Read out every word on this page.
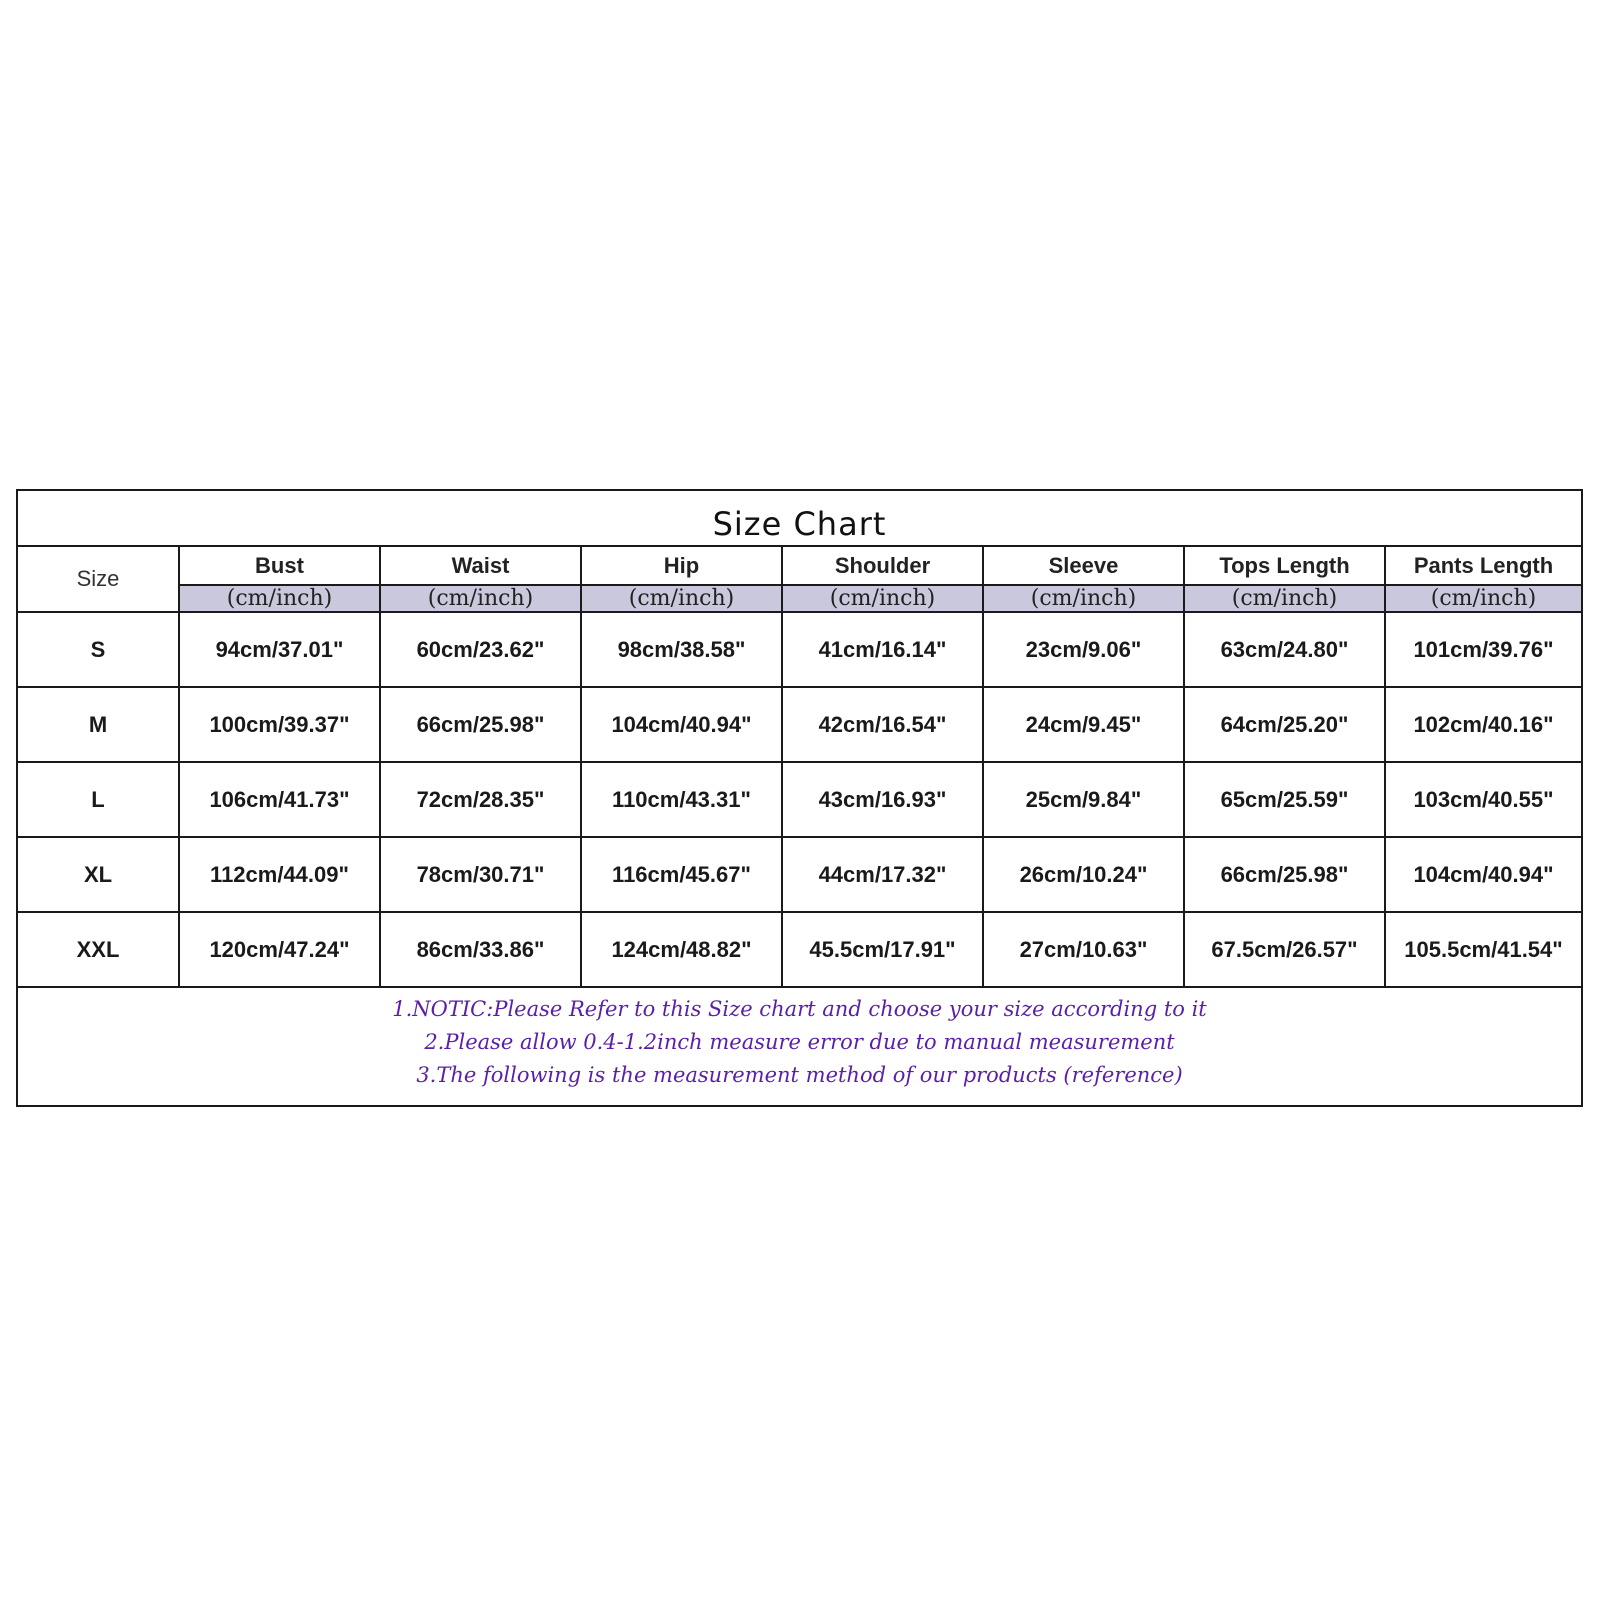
Size Chart
Size	Bust	Waist	Hip	Shoulder	Sleeve	Tops Length	Pants Length
	(cm/inch)	(cm/inch)	(cm/inch)	(cm/inch)	(cm/inch)	(cm/inch)	(cm/inch)
S	94cm/37.01"	60cm/23.62"	98cm/38.58"	41cm/16.14"	23cm/9.06"	63cm/24.80"	101cm/39.76"
M	100cm/39.37"	66cm/25.98"	104cm/40.94"	42cm/16.54"	24cm/9.45"	64cm/25.20"	102cm/40.16"
L	106cm/41.73"	72cm/28.35"	110cm/43.31"	43cm/16.93"	25cm/9.84"	65cm/25.59"	103cm/40.55"
XL	112cm/44.09"	78cm/30.71"	116cm/45.67"	44cm/17.32"	26cm/10.24"	66cm/25.98"	104cm/40.94"
XXL	120cm/47.24"	86cm/33.86"	124cm/48.82"	45.5cm/17.91"	27cm/10.63"	67.5cm/26.57"	105.5cm/41.54"
1.NOTIC:Please Refer to this Size chart and choose your size according to it
2.Please allow 0.4-1.2inch measure error due to manual measurement
3.The following is the measurement method of our products (reference)
